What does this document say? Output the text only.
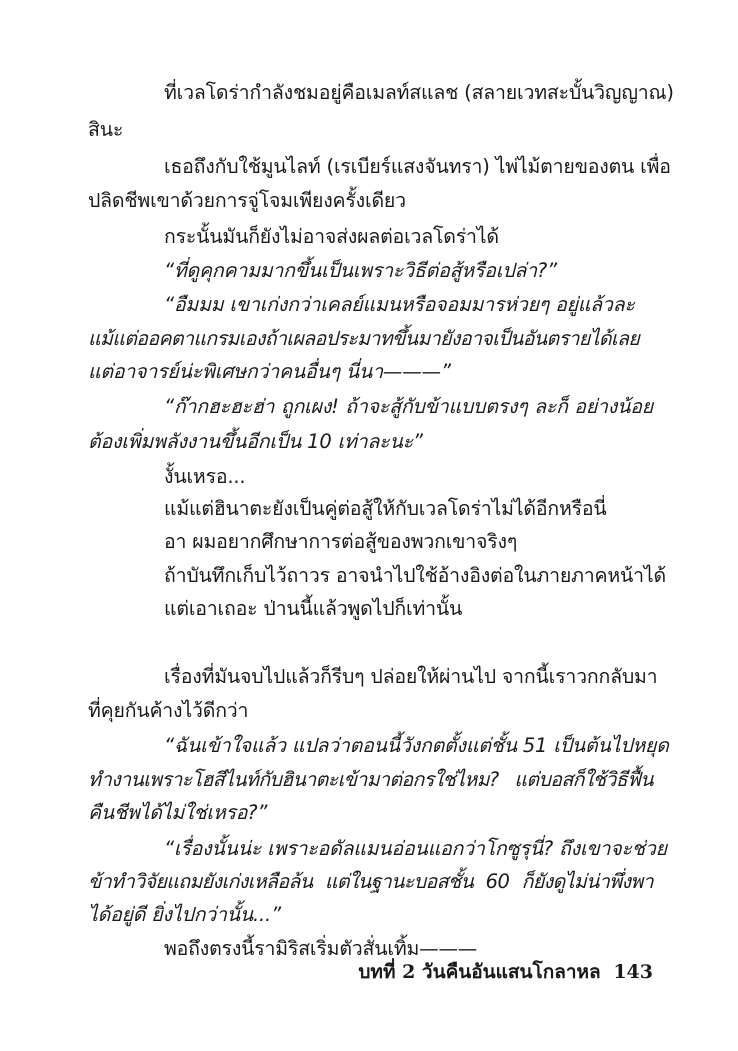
ที่เวลโดร่ากำลังชมอยู่คือเมลท์สแลช (สลายเวทสะบั้นวิญญาณ)
สินะ
เธอถึงกับใช้มูนไลท์ (เรเบียร์แสงจันทรา) ไพ่ไม้ตายของตน เพื่อ
ปลิดชีพเขาด้วยการจู่โจมเพียงครั้งเดียว
กระนั้นมันก็ยังไม่อาจส่งผลต่อเวลโดร่าได้
“ที่ดูคุกคามมากขึ้นเป็นเพราะวิธีต่อสู้หรือเปล่า?”
“อืมมม เขาเก่งกว่าเคลย์แมนหรือจอมมารห่วยๆ อยู่แล้วละ
แม้แต่ออคตาแกรมเองถ้าเผลอประมาทขึ้นมายังอาจเป็นอันตรายได้เลย
แต่อาจารย์น่ะพิเศษกว่าคนอื่นๆ นี่นา———”
“ก๊ากฮะฮะฮ่า ถูกเผง! ถ้าจะสู้กับข้าแบบตรงๆ ละก็ อย่างน้อย
ต้องเพิ่มพลังงานขึ้นอีกเป็น 10 เท่าละนะ”
งั้นเหรอ...
แม้แต่ฮินาตะยังเป็นคู่ต่อสู้ให้กับเวลโดร่าไม่ได้อีกหรือนี่
อา ผมอยากศึกษาการต่อสู้ของพวกเขาจริงๆ
ถ้าบันทึกเก็บไว้ถาวร อาจนำไปใช้อ้างอิงต่อในภายภาคหน้าได้
แต่เอาเถอะ ป่านนี้แล้วพูดไปก็เท่านั้น
เรื่องที่มันจบไปแล้วก็รีบๆ ปล่อยให้ผ่านไป จากนี้เราวกกลับมา
ที่คุยกันค้างไว้ดีกว่า
“ฉันเข้าใจแล้ว แปลว่าตอนนี้วังกตตั้งแต่ชั้น 51 เป็นต้นไปหยุด
ทำงานเพราะโฮสีไนท์กับฮินาตะเข้ามาต่อกรใช่ไหม? แต่บอสก็ใช้วิธีฟื้น
คืนชีพได้ไม่ใช่เหรอ?”
“เรื่องนั้นน่ะ เพราะอดัลแมนอ่อนแอกว่าโกซูรุนี่? ถึงเขาจะช่วย
ข้าทำวิจัยแถมยังเก่งเหลือล้น แต่ในฐานะบอสชั้น 60 ก็ยังดูไม่น่าพึ่งพา
ได้อยู่ดี ยิ่งไปกว่านั้น...”
พอถึงตรงนี้รามิริสเริ่มตัวสั่นเทิ้ม———
บทที่ 2 วันคืนอันแสนโกลาหล 143
